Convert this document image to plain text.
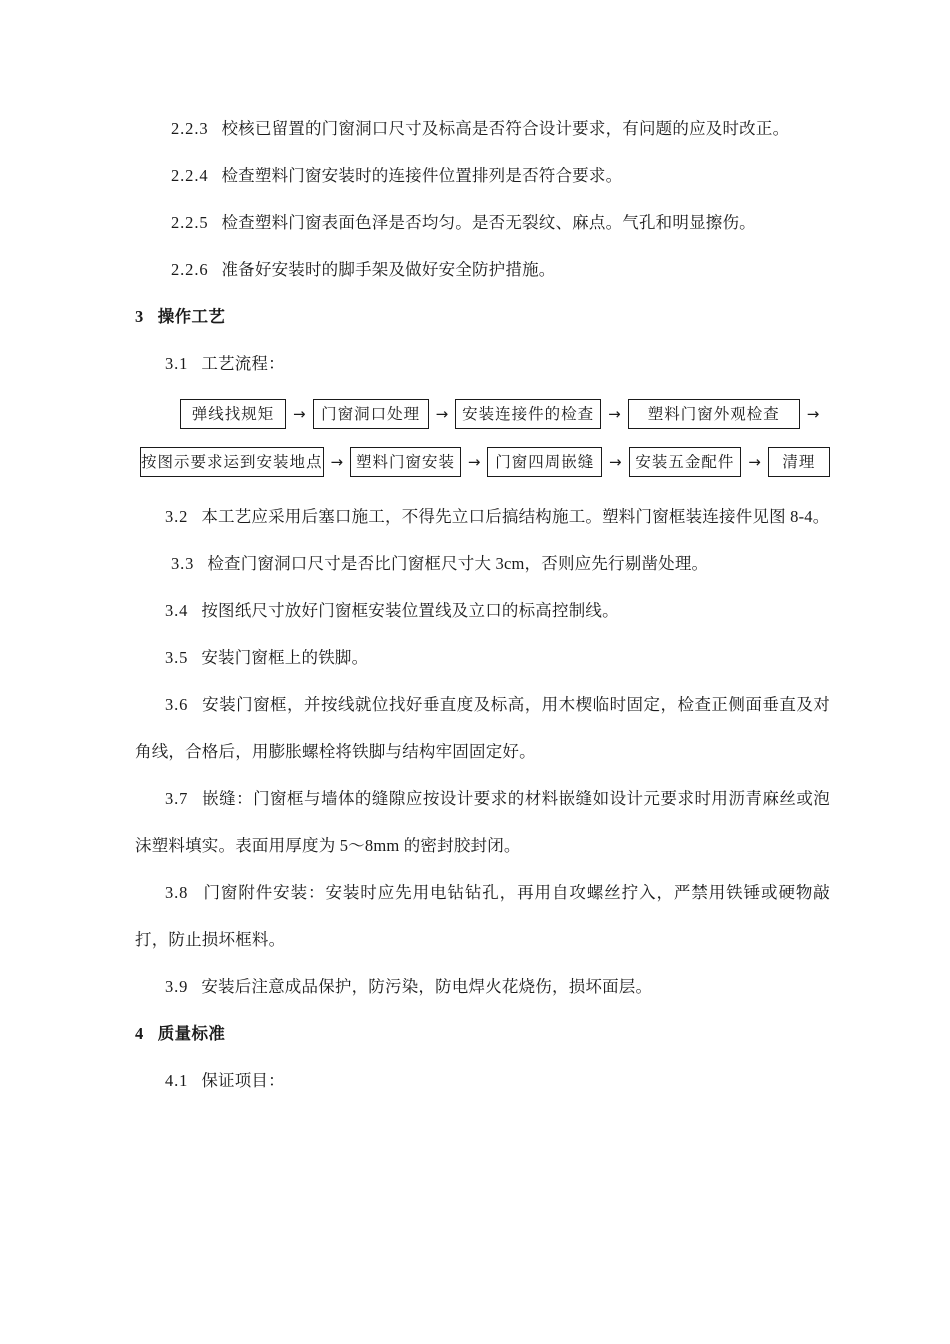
2.2.3 校核已留置的门窗洞口尺寸及标高是否符合设计要求，有问题的应及时改正。

2.2.4 检查塑料门窗安装时的连接件位置排列是否符合要求。

2.2.5 检查塑料门窗表面色泽是否均匀。是否无裂纹、麻点。气孔和明显擦伤。

2.2.6 准备好安装时的脚手架及做好安全防护措施。

3 操作工艺

3.1 工艺流程：

弹线找规矩	→ 门窗洞口处理	→ 安装连接件的检查 →	塑料门窗外观检查	→
按图示要求运到安装地点 → 塑料门窗安装 → 门窗四周嵌缝 → 安装五金配件 →	清理

3.2 本工艺应采用后塞口施工，不得先立口后搞结构施工。塑料门窗框装连接件见图 8-4。

3.3 检查门窗洞口尺寸是否比门窗框尺寸大 3cm，否则应先行剔凿处理。

3.4 按图纸尺寸放好门窗框安装位置线及立口的标高控制线。

3.5 安装门窗框上的铁脚。

3.6 安装门窗框，并按线就位找好垂直度及标高，用木楔临时固定，检查正侧面垂直及对角线，合格后，用膨胀螺栓将铁脚与结构牢固固定好。

3.7 嵌缝：门窗框与墙体的缝隙应按设计要求的材料嵌缝如设计元要求时用沥青麻丝或泡沫塑料填实。表面用厚度为 5～8mm 的密封胶封闭。

3.8 门窗附件安装：安装时应先用电钻钻孔，再用自攻螺丝拧入，严禁用铁锤或硬物敲打，防止损坏框料。

3.9 安装后注意成品保护，防污染，防电焊火花烧伤，损坏面层。

4 质量标准

4.1 保证项目：
